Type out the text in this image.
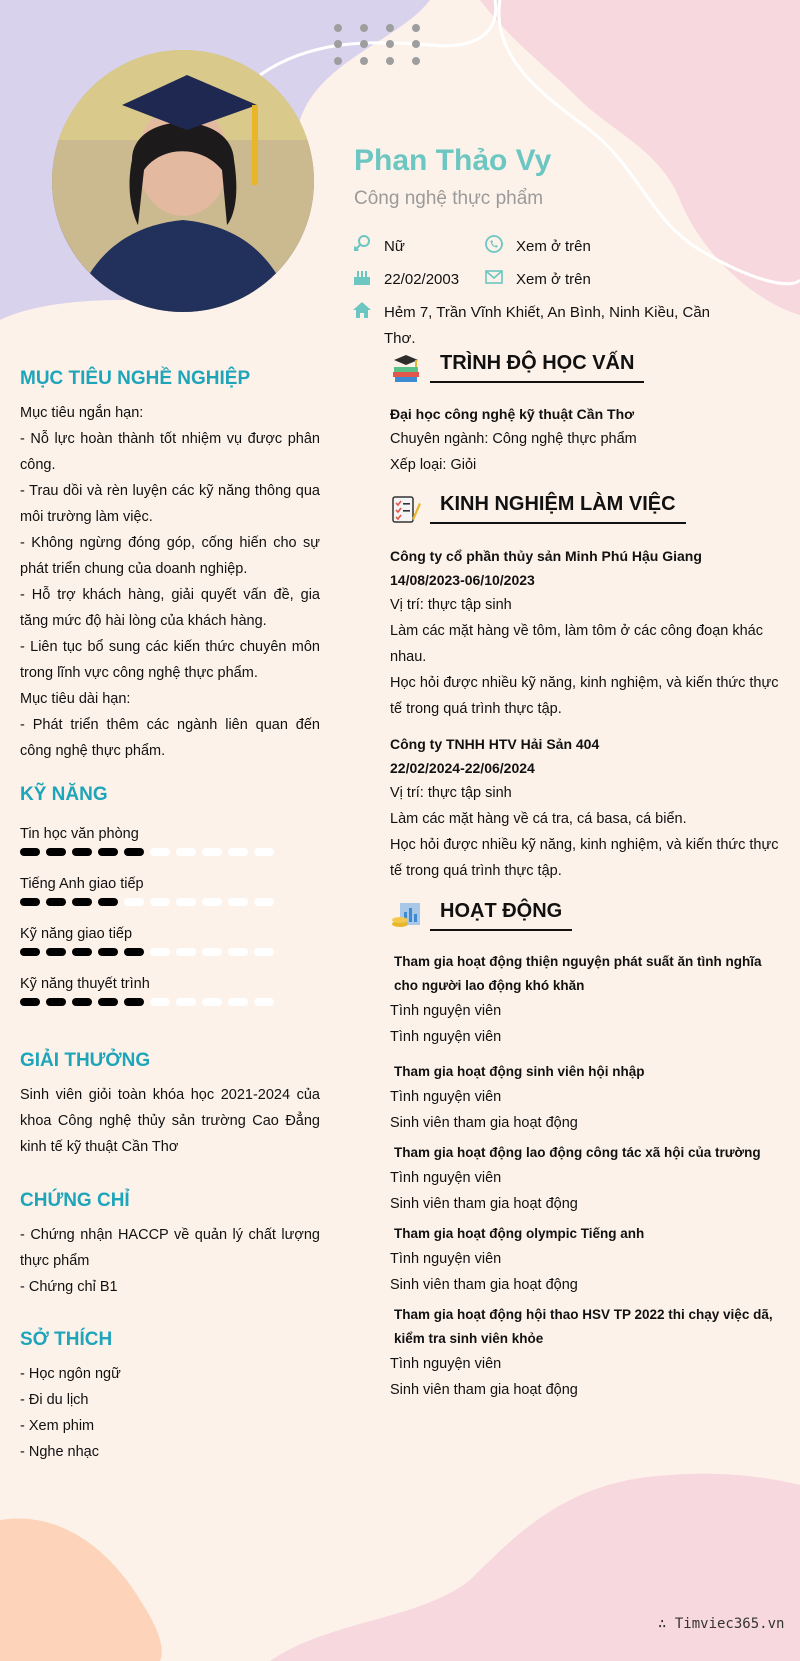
Phan Thảo Vy
Công nghệ thực phẩm
Nữ	Xem ở trên
22/02/2003	Xem ở trên
Hẻm 7, Trần Vĩnh Khiết, An Bình, Ninh Kiều, Cần
Thơ.
MỤC TIÊU NGHỀ NGHIỆP
Mục tiêu ngắn hạn:
- Nỗ lực hoàn thành tốt nhiệm vụ được phân công.
- Trau dồi và rèn luyện các kỹ năng thông qua môi trường làm việc.
- Không ngừng đóng góp, cống hiến cho sự phát triển chung của doanh nghiệp.
- Hỗ trợ khách hàng, giải quyết vấn đề, gia tăng mức độ hài lòng của khách hàng.
- Liên tục bổ sung các kiến thức chuyên môn trong lĩnh vực công nghệ thực phẩm.
Mục tiêu dài hạn:
- Phát triển thêm các ngành liên quan đến công nghệ thực phẩm.
KỸ NĂNG
Tin học văn phòng
Tiếng Anh giao tiếp
Kỹ năng giao tiếp
Kỹ năng thuyết trình
GIẢI THƯỞNG
Sinh viên giỏi toàn khóa học 2021-2024 của khoa Công nghệ thủy sản trường Cao Đẳng kinh tế kỹ thuật Cần Thơ
CHỨNG CHỈ
- Chứng nhận HACCP về quản lý chất lượng thực phẩm
- Chứng chỉ B1
SỞ THÍCH
- Học ngôn ngữ
- Đi du lịch
- Xem phim
- Nghe nhạc
TRÌNH ĐỘ HỌC VẤN
Đại học công nghệ kỹ thuật Cần Thơ
Chuyên ngành: Công nghệ thực phẩm
Xếp loại: Giỏi
KINH NGHIỆM LÀM VIỆC
Công ty cổ phần thủy sản Minh Phú Hậu Giang
14/08/2023-06/10/2023
Vị trí: thực tập sinh
Làm các mặt hàng về tôm, làm tôm ở các công đoạn khác nhau.
Học hỏi được nhiều kỹ năng, kinh nghiệm, và kiến thức thực tế trong quá trình thực tập.
Công ty TNHH HTV Hải Sản 404
22/02/2024-22/06/2024
Vị trí: thực tập sinh
Làm các mặt hàng về cá tra, cá basa, cá biển.
Học hỏi được nhiều kỹ năng, kinh nghiệm, và kiến thức thực tế trong quá trình thực tập.
HOẠT ĐỘNG
Tham gia hoạt động thiện nguyện phát suất ăn tình nghĩa cho người lao động khó khăn
Tình nguyện viên
Tình nguyện viên
Tham gia hoạt động sinh viên hội nhập
Tình nguyện viên
Sinh viên tham gia hoạt động
Tham gia hoạt động lao động công tác xã hội của trường
Tình nguyện viên
Sinh viên tham gia hoạt động
Tham gia hoạt động olympic Tiếng anh
Tình nguyện viên
Sinh viên tham gia hoạt động
Tham gia hoạt động hội thao HSV TP 2022 thi chạy việc dã, kiểm tra sinh viên khỏe
Tình nguyện viên
Sinh viên tham gia hoạt động
∴ Timviec365.vn
